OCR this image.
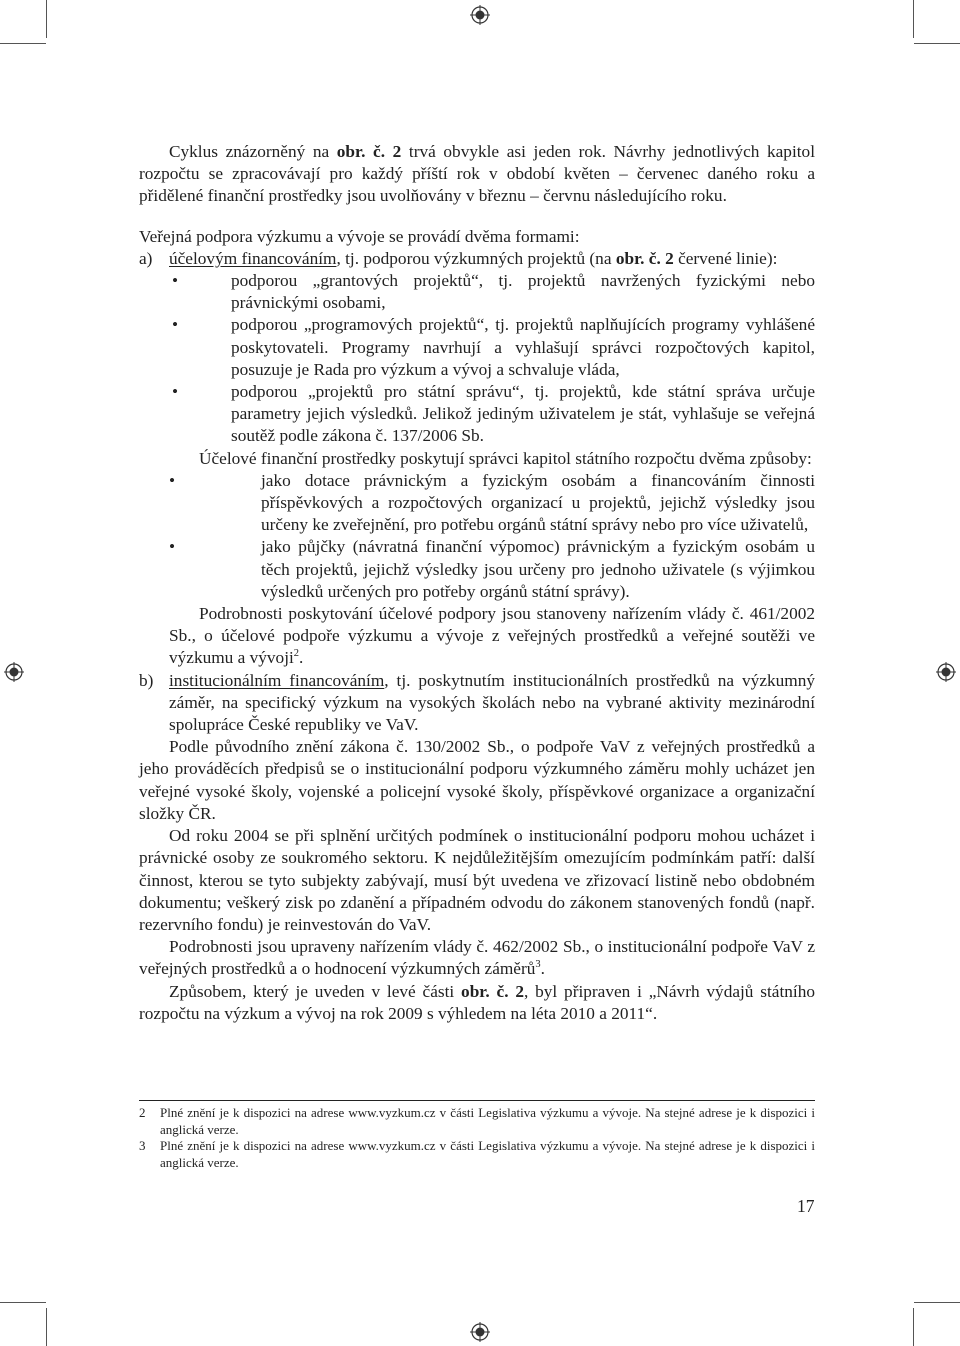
Cyklus znázorněný na obr. č. 2 trvá obvykle asi jeden rok. Návrhy jednotlivých kapitol rozpočtu se zpracovávají pro každý příští rok v období květen – červenec daného roku a přidělené finanční prostředky jsou uvolňovány v březnu – červnu následujícího roku.

Veřejná podpora výzkumu a vývoje se provádí dvěma formami:

a) účelovým financováním, tj. podporou výzkumných projektů (na obr. č. 2 červené linie):

•	podporou „grantových projektů“, tj. projektů navržených fyzickými nebo právnickými osobami,

•	podporou „programových projektů“, tj. projektů naplňujících programy vyhlášené poskytovateli. Programy navrhují a vyhlašují správci rozpočtových kapitol, posuzuje je Rada pro výzkum a vývoj a schvaluje vláda,

•	podporou „projektů pro státní správu“, tj. projektů, kde státní správa určuje parametry jejich výsledků. Jelikož jediným uživatelem je stát, vyhlašuje se veřejná soutěž podle zákona č. 137/2006 Sb.

Účelové finanční prostředky poskytují správci kapitol státního rozpočtu dvěma způsoby:

•	jako dotace právnickým a fyzickým osobám a financováním činnosti příspěvkových a rozpočtových organizací u projektů, jejichž výsledky jsou určeny ke zveřejnění, pro potřebu orgánů státní správy nebo pro více uživatelů,

•	jako půjčky (návratná finanční výpomoc) právnickým a fyzickým osobám u těch projektů, jejichž výsledky jsou určeny pro jednoho uživatele (s výjimkou výsledků určených pro potřeby orgánů státní správy).

Podrobnosti poskytování účelové podpory jsou stanoveny nařízením vlády č. 461/2002 Sb., o účelové podpoře výzkumu a vývoje z veřejných prostředků a veřejné soutěži ve výzkumu a vývoji$^2$.

b) institucionálním financováním, tj. poskytnutím institucionálních prostředků na výzkumný záměr, na specifický výzkum na vysokých školách nebo na vybrané aktivity mezinárodní spolupráce České republiky ve VaV.

Podle původního znění zákona č. 130/2002 Sb., o podpoře VaV z veřejných prostředků a jeho prováděcích předpisů se o institucionální podporu výzkumného záměru mohly ucházet jen veřejné vysoké školy, vojenské a policejní vysoké školy, příspěvkové organizace a organizační složky ČR.

Od roku 2004 se při splnění určitých podmínek o institucionální podporu mohou ucházet i právnické osoby ze soukromého sektoru. K nejdůležitějším omezujícím podmínkám patří: další činnost, kterou se tyto subjekty zabývají, musí být uvedena ve zřizovací listině nebo obdobném dokumentu; veškerý zisk po zdanění a případném odvodu do zákonem stanovených fondů (např. rezervního fondu) je reinvestován do VaV.

Podrobnosti jsou upraveny nařízením vlády č. 462/2002 Sb., o institucionální podpoře VaV z veřejných prostředků a o hodnocení výzkumných záměrů$^3$.

Způsobem, který je uveden v levé části obr. č. 2, byl připraven i „Návrh výdajů státního rozpočtu na výzkum a vývoj na rok 2009 s výhledem na léta 2010 a 2011“.

2 Plné znění je k dispozici na adrese www.vyzkum.cz v části Legislativa výzkumu a vývoje. Na stejné adrese je k dispozici i anglická verze.
3 Plné znění je k dispozici na adrese www.vyzkum.cz v části Legislativa výzkumu a vývoje. Na stejné adrese je k dispozici i anglická verze.
17
